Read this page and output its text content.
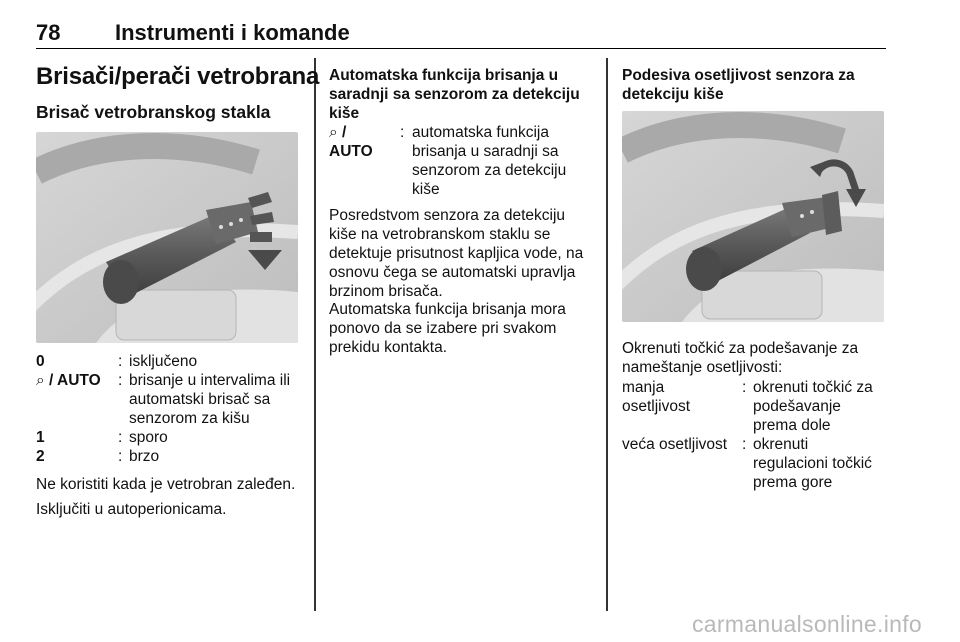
78 Instrumenti i komande
Brisači/perači vetrobrana
Brisač vetrobranskog stakla
0	: isključeno
⌕ / AUTO : brisanje u intervalima ili automatski brisač sa senzorom za kišu
1	: sporo
2	: brzo
Ne koristiti kada je vetrobran zaleđen.
Isključiti u autoperionicama.
Automatska funkcija brisanja u saradnji sa senzorom za detekciju kiše
⌕ /
AUTO
: automatska funkcija brisanja u saradnji sa senzorom za detekciju kiše
Posredstvom senzora za detekciju kiše na vetrobranskom staklu se detektuje prisutnost kapljica vode, na osnovu čega se automatski upravlja brzinom brisača.
Automatska funkcija brisanja mora ponovo da se izabere pri svakom prekidu kontakta.
Podesiva osetljivost senzora za detekciju kiše
Okrenuti točkić za podešavanje za nameštanje osetljivosti:
manja osetljivost
: okrenuti točkić za podešavanje prema dole
veća osetljivost : okrenuti regulacioni točkić prema gore
carmanualsonline.info
